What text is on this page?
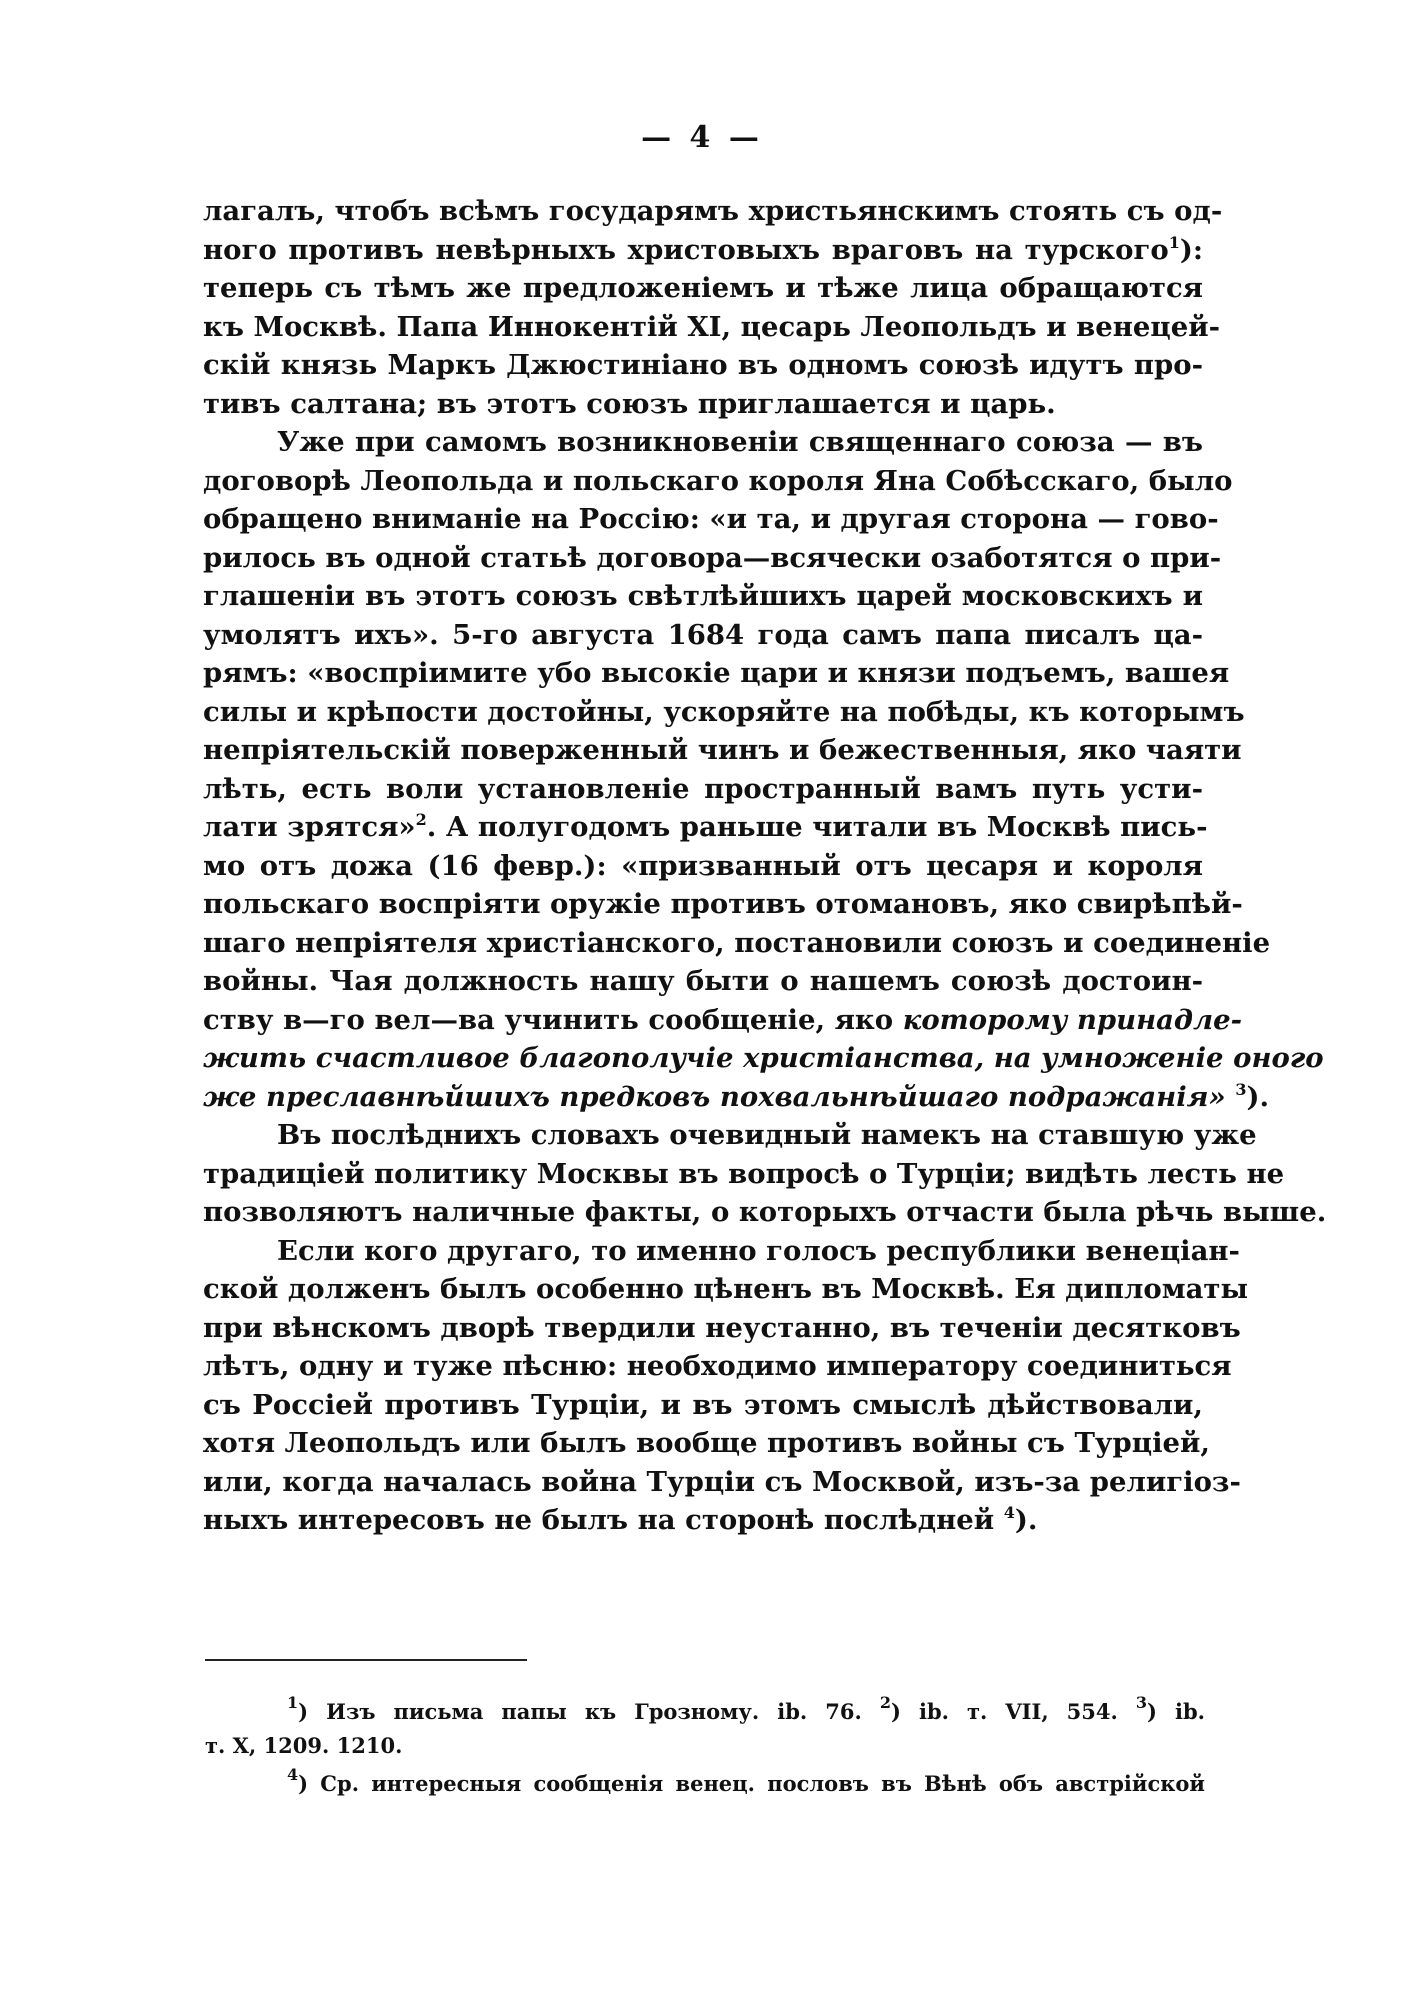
— 4 —
лагалъ, чтобъ всѣмъ государямъ христьянскимъ стоять съ од-
ного противъ невѣрныхъ христовыхъ враговъ на турского$^1$):
теперь съ тѣмъ же предложеніемъ и тѣже лица обращаются
къ Москвѣ. Папа Иннокентій XI, цесарь Леопольдъ и венецей-
скій князь Маркъ Джюстиніано въ одномъ союзѣ идутъ про-
тивъ салтана; въ этотъ союзъ приглашается и царь.
Уже при самомъ возникновеніи священнаго союза — въ
договорѣ Леопольда и польскаго короля Яна Собѣсскаго, было
обращено вниманіе на Россію: «и та, и другая сторона — гово-
рилось въ одной статьѣ договора—всячески озаботятся о при-
глашеніи въ этотъ союзъ свѣтлѣйшихъ царей московскихъ и
умолятъ ихъ». 5-го августа 1684 года самъ папа писалъ ца-
рямъ: «воспріимите убо высокіе цари и князи подъемъ, вашея
силы и крѣпости достойны, ускоряйте на побѣды, къ которымъ
непріятельскій поверженный чинъ и бежественныя, яко чаяти
лѣть, есть воли установленіе пространный вамъ путь усти-
лати зрятся»$^2$. А полугодомъ раньше читали въ Москвѣ пись-
мо отъ дожа (16 февр.): «призванный отъ цесаря и короля
польскаго воспріяти оружіе противъ отомановъ, яко свирѣпѣй-
шаго непріятеля христіанского, постановили союзъ и соединеніе
войны. Чая должность нашу быти о нашемъ союзѣ достоин-
ству в—го вел—ва учинить сообщеніе, яко которому принадле-
жить счастливое благополучіе христіанства, на умноженіе оного
же преславнѣйшихъ предковъ похвальнѣйшаго подражанія» $^3$).
Въ послѣднихъ словахъ очевидный намекъ на ставшую уже
традиціей политику Москвы въ вопросѣ о Турціи; видѣть лесть не
позволяютъ наличные факты, о которыхъ отчасти была рѣчь выше.
Если кого другаго, то именно голосъ республики венеціан-
ской долженъ былъ особенно цѣненъ въ Москвѣ. Ея дипломаты
при вѣнскомъ дворѣ твердили неустанно, въ теченіи десятковъ
лѣтъ, одну и туже пѣсню: необходимо императору соединиться
съ Россіей противъ Турціи, и въ этомъ смыслѣ дѣйствовали,
хотя Леопольдъ или былъ вообще противъ войны съ Турціей,
или, когда началась война Турціи съ Москвой, изъ-за религіоз-
ныхъ интересовъ не былъ на сторонѣ послѣдней $^4$).
$^1$) Изъ письма папы къ Грозному. ib. 76. $^2$) ib. т. VII, 554. $^3$) ib.
т. X, 1209. 1210.
$^4$) Ср. интересныя сообщенія венец. пословъ въ Вѣнѣ объ австрійской
